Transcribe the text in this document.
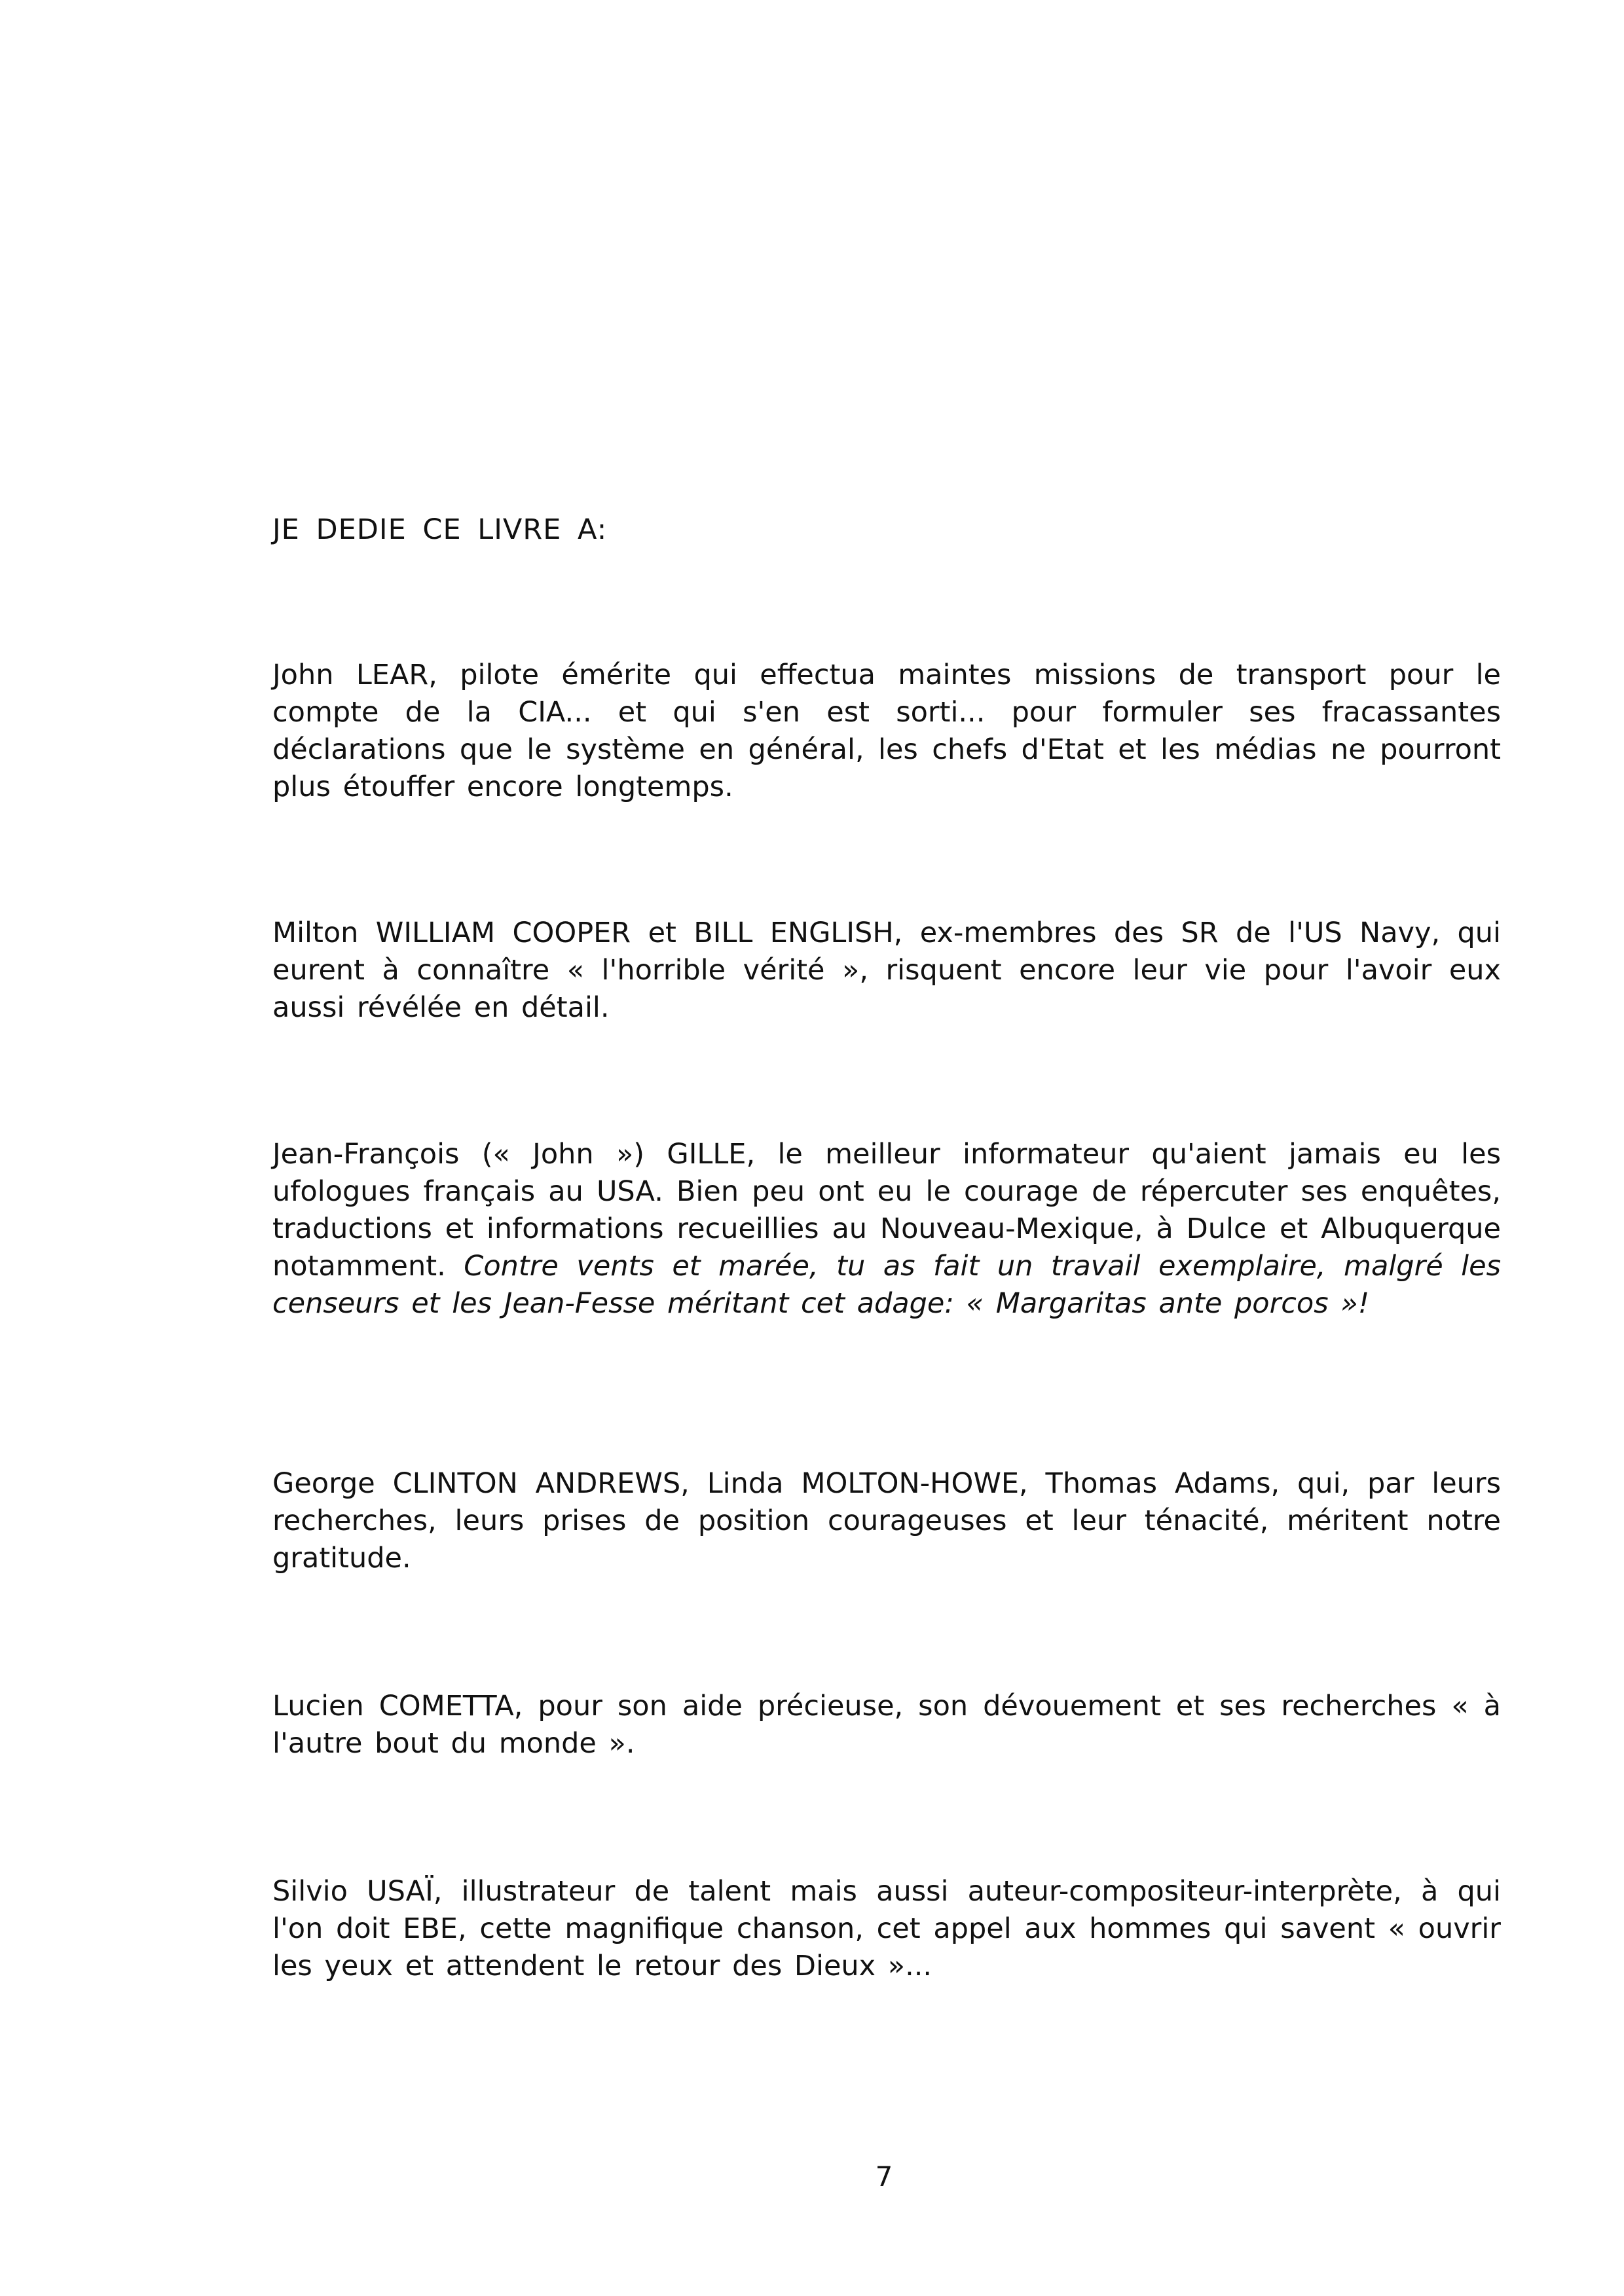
JE DEDIE CE LIVRE A:

John LEAR, pilote émérite qui effectua maintes missions de transport pour le compte de la CIA... et qui s'en est sorti... pour formuler ses fracassantes déclarations que le système en général, les chefs d'Etat et les médias ne pourront plus étouffer encore longtemps.

Milton WILLIAM COOPER et BILL ENGLISH, ex-membres des SR de l'US Navy, qui eurent à connaître « l'horrible vérité », risquent encore leur vie pour l'avoir eux aussi révélée en détail.

Jean-François (« John ») GILLE, le meilleur informateur qu'aient jamais eu les ufologues français au USA. Bien peu ont eu le courage de répercuter ses enquêtes, traductions et informations recueillies au Nouveau-Mexique, à Dulce et Albuquerque notamment. Contre vents et marée, tu as fait un travail exemplaire, malgré les censeurs et les Jean-Fesse méritant cet adage: « Margaritas ante porcos »!

George CLINTON ANDREWS, Linda MOLTON-HOWE, Thomas Adams, qui, par leurs recherches, leurs prises de position courageuses et leur ténacité, méritent notre gratitude.

Lucien COMETTA, pour son aide précieuse, son dévouement et ses recherches « à l'autre bout du monde ».

Silvio USAÏ, illustrateur de talent mais aussi auteur-compositeur-interprète, à qui l'on doit EBE, cette magnifique chanson, cet appel aux hommes qui savent « ouvrir les yeux et attendent le retour des Dieux »...

7
